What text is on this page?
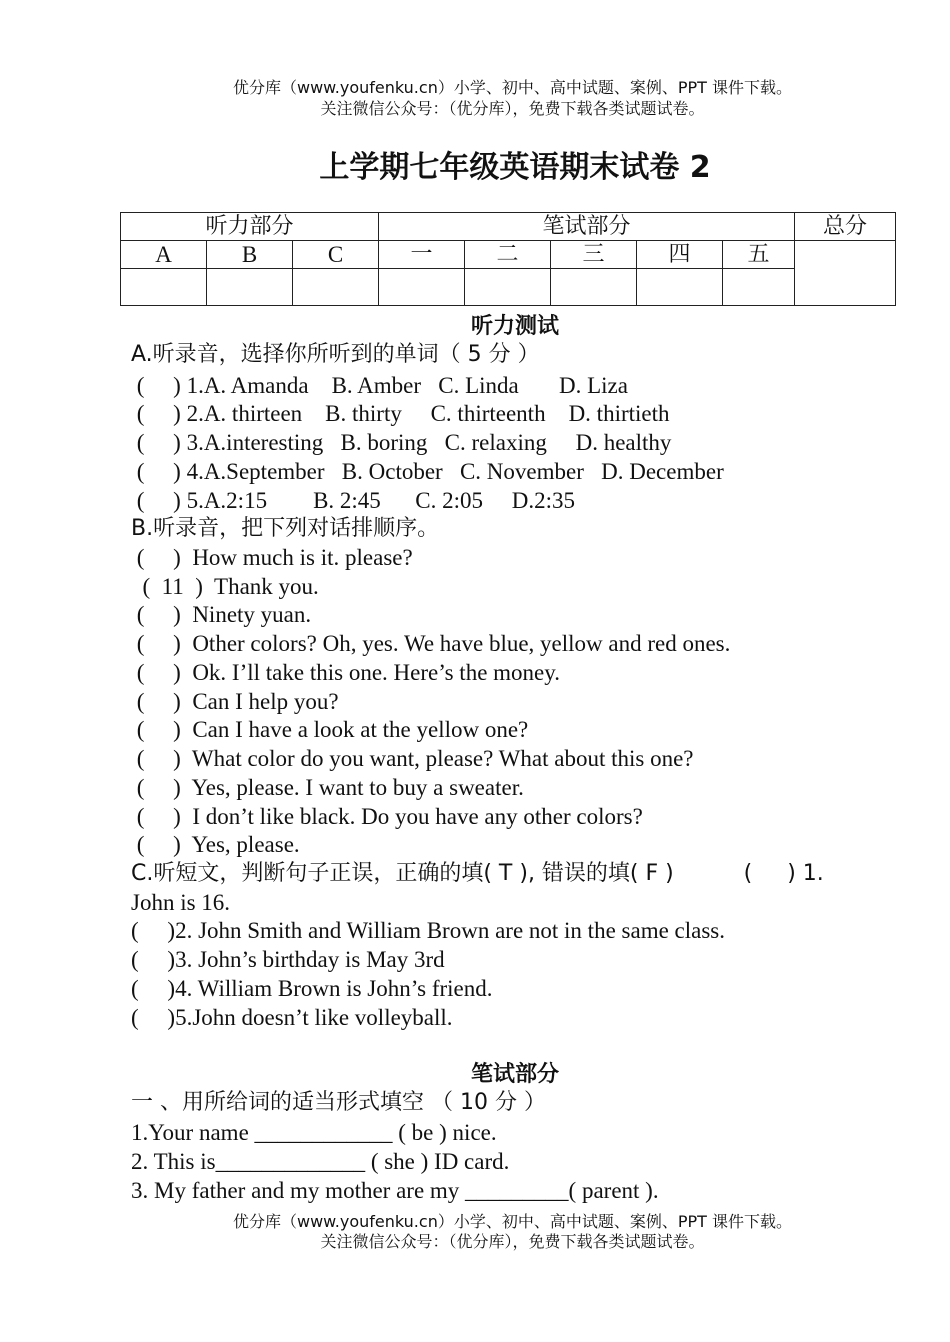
优分库（www.youfenku.cn）小学、初中、高中试题、案例、PPT 课件下载。
关注微信公众号：（优分库），免费下载各类试题试卷。
上学期七年级英语期末试卷 2
听力部分			笔试部分					总分
A	B	C	一	二	三	四	五	

听力测试
A.听录音，选择你所听到的单词（ 5 分 ）
(     ) 1.A. Amanda    B. Amber   C. Linda       D. Liza
(     ) 2.A. thirteen    B. thirty     C. thirteenth    D. thirtieth
(     ) 3.A.interesting   B. boring   C. relaxing     D. healthy
(     ) 4.A.September   B. October   C. November   D. December
(     ) 5.A.2:15        B. 2:45      C. 2:05     D.2:35
B.听录音，把下列对话排顺序。
(     )  How much is it. please?
(  11  )  Thank you.
(     )  Ninety yuan.
(     )  Other colors? Oh, yes. We have blue, yellow and red ones.
(     )  Ok. I’ll take this one. Here’s the money.
(     )  Can I help you?
(     )  Can I have a look at the yellow one?
(     )  What color do you want, please? What about this one?
(     )  Yes, please. I want to buy a sweater.
(     )  I don’t like black. Do you have any other colors?
(     )  Yes, please.
C.听短文，判断句子正误，正确的填( T ), 错误的填( F )          (     ) 1.
John is 16.
(     )2. John Smith and William Brown are not in the same class.
(     )3. John’s birthday is May 3rd
(     )4. William Brown is John’s friend.
(     )5.John doesn’t like volleyball.
笔试部分
一 、用所给词的适当形式填空 （ 10 分 ）
1.Your name ____________ ( be ) nice.
2. This is_____________ ( she ) ID card.
3. My father and my mother are my _________( parent ).
优分库（www.youfenku.cn）小学、初中、高中试题、案例、PPT 课件下载。
关注微信公众号：（优分库），免费下载各类试题试卷。
